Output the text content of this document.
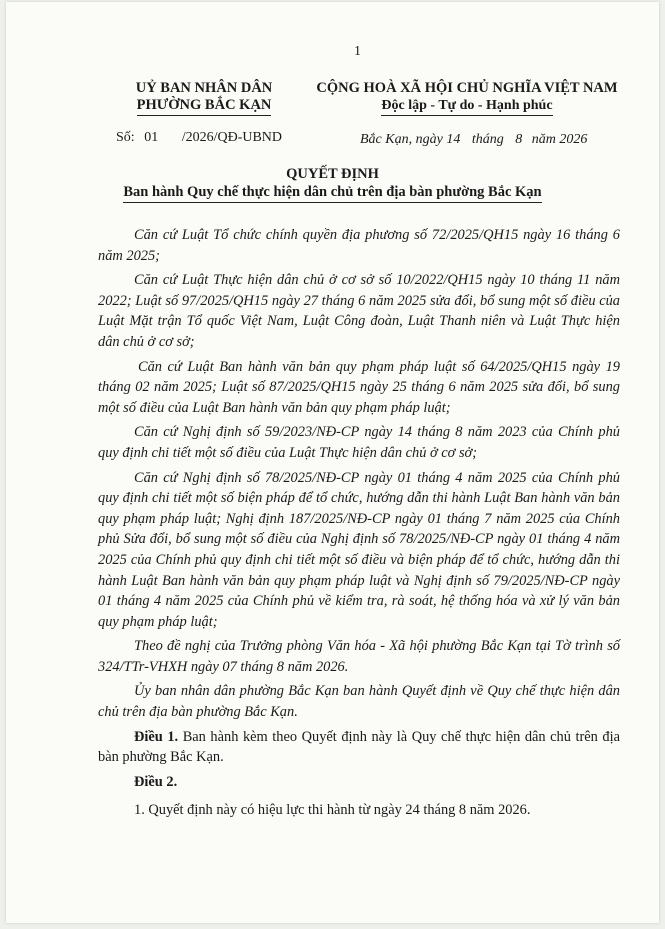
1
UỶ BAN NHÂN DÂN
PHƯỜNG BẮC KẠN
CỘNG HOÀ XÃ HỘI CHỦ NGHĨA VIỆT NAM
Độc lập - Tự do - Hạnh phúc
Số: 01 /2026/QĐ-UBND	Bắc Kạn, ngày 14 tháng 8 năm 2026
QUYẾT ĐỊNH
Ban hành Quy chế thực hiện dân chủ trên địa bàn phường Bắc Kạn

Căn cứ Luật Tổ chức chính quyền địa phương số 72/2025/QH15 ngày 16 tháng 6 năm 2025;

Căn cứ Luật Thực hiện dân chủ ở cơ sở số 10/2022/QH15 ngày 10 tháng 11 năm 2022; Luật số 97/2025/QH15 ngày 27 tháng 6 năm 2025 sửa đổi, bổ sung một số điều của Luật Mặt trận Tổ quốc Việt Nam, Luật Công đoàn, Luật Thanh niên và Luật Thực hiện dân chủ ở cơ sở;

Căn cứ Luật Ban hành văn bản quy phạm pháp luật số 64/2025/QH15 ngày 19 tháng 02 năm 2025; Luật số 87/2025/QH15 ngày 25 tháng 6 năm 2025 sửa đổi, bổ sung một số điều của Luật Ban hành văn bản quy phạm pháp luật;

Căn cứ Nghị định số 59/2023/NĐ-CP ngày 14 tháng 8 năm 2023 của Chính phủ quy định chi tiết một số điều của Luật Thực hiện dân chủ ở cơ sở;

Căn cứ Nghị định số 78/2025/NĐ-CP ngày 01 tháng 4 năm 2025 của Chính phủ quy định chi tiết một số biện pháp để tổ chức, hướng dẫn thi hành Luật Ban hành văn bản quy phạm pháp luật; Nghị định 187/2025/NĐ-CP ngày 01 tháng 7 năm 2025 của Chính phủ Sửa đổi, bổ sung một số điều của Nghị định số 78/2025/NĐ-CP ngày 01 tháng 4 năm 2025 của Chính phủ quy định chi tiết một số điều và biện pháp để tổ chức, hướng dẫn thi hành Luật Ban hành văn bản quy phạm pháp luật và Nghị định số 79/2025/NĐ-CP ngày 01 tháng 4 năm 2025 của Chính phủ về kiểm tra, rà soát, hệ thống hóa và xử lý văn bản quy phạm pháp luật;

Theo đề nghị của Trưởng phòng Văn hóa - Xã hội phường Bắc Kạn tại Tờ trình số 324/TTr-VHXH ngày 07 tháng 8 năm 2026.

Ủy ban nhân dân phường Bắc Kạn ban hành Quyết định về Quy chế thực hiện dân chủ trên địa bàn phường Bắc Kạn.

Điều 1. Ban hành kèm theo Quyết định này là Quy chế thực hiện dân chủ trên địa bàn phường Bắc Kạn.

Điều 2.

1. Quyết định này có hiệu lực thi hành từ ngày 24 tháng 8 năm 2026.
